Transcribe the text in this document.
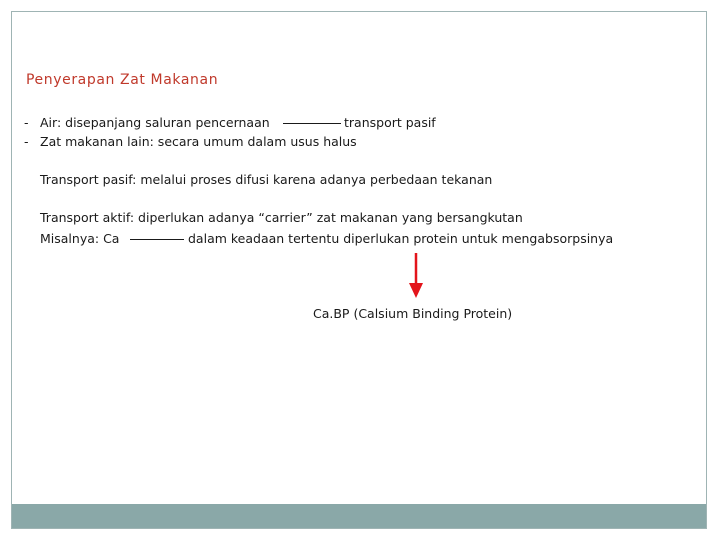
Penyerapan Zat Makanan
- Air: disepanjang saluran pencernaan	transport pasif
- Zat makanan lain: secara umum dalam usus halus
Transport pasif: melalui proses difusi karena adanya perbedaan tekanan
Transport aktif: diperlukan adanya “carrier” zat makanan yang bersangkutan
Misalnya: Ca	dalam keadaan tertentu diperlukan protein untuk mengabsorpsinya
Ca.BP (Calsium Binding Protein)
